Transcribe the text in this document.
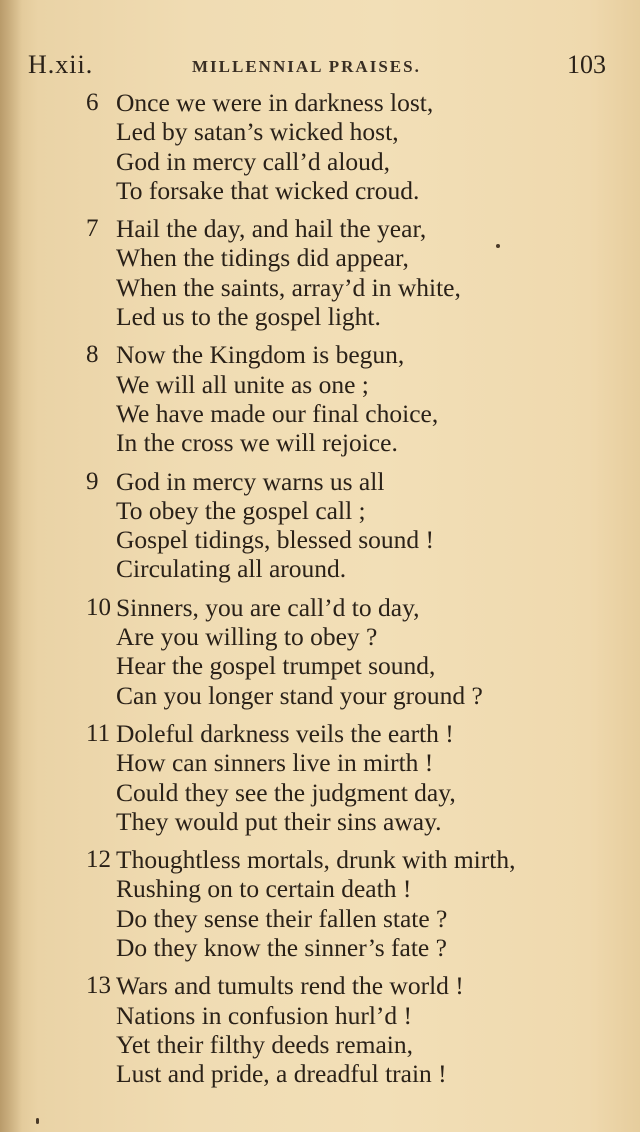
H.xii.	MILLENNIAL PRAISES.	103
6 Once we were in darkness lost,
Led by satan’s wicked host,
God in mercy call’d aloud,
To forsake that wicked croud.
7 Hail the day, and hail the year,
When the tidings did appear,
When the saints, array’d in white,
Led us to the gospel light.
8 Now the Kingdom is begun,
We will all unite as one ;
We have made our final choice,
In the cross we will rejoice.
9 God in mercy warns us all
To obey the gospel call ;
Gospel tidings, blessed sound !
Circulating all around.
10 Sinners, you are call’d to day,
Are you willing to obey ?
Hear the gospel trumpet sound,
Can you longer stand your ground ?
11 Doleful darkness veils the earth !
How can sinners live in mirth !
Could they see the judgment day,
They would put their sins away.
12 Thoughtless mortals, drunk with mirth,
Rushing on to certain death !
Do they sense their fallen state ?
Do they know the sinner’s fate ?
13 Wars and tumults rend the world !
Nations in confusion hurl’d !
Yet their filthy deeds remain,
Lust and pride, a dreadful train !
